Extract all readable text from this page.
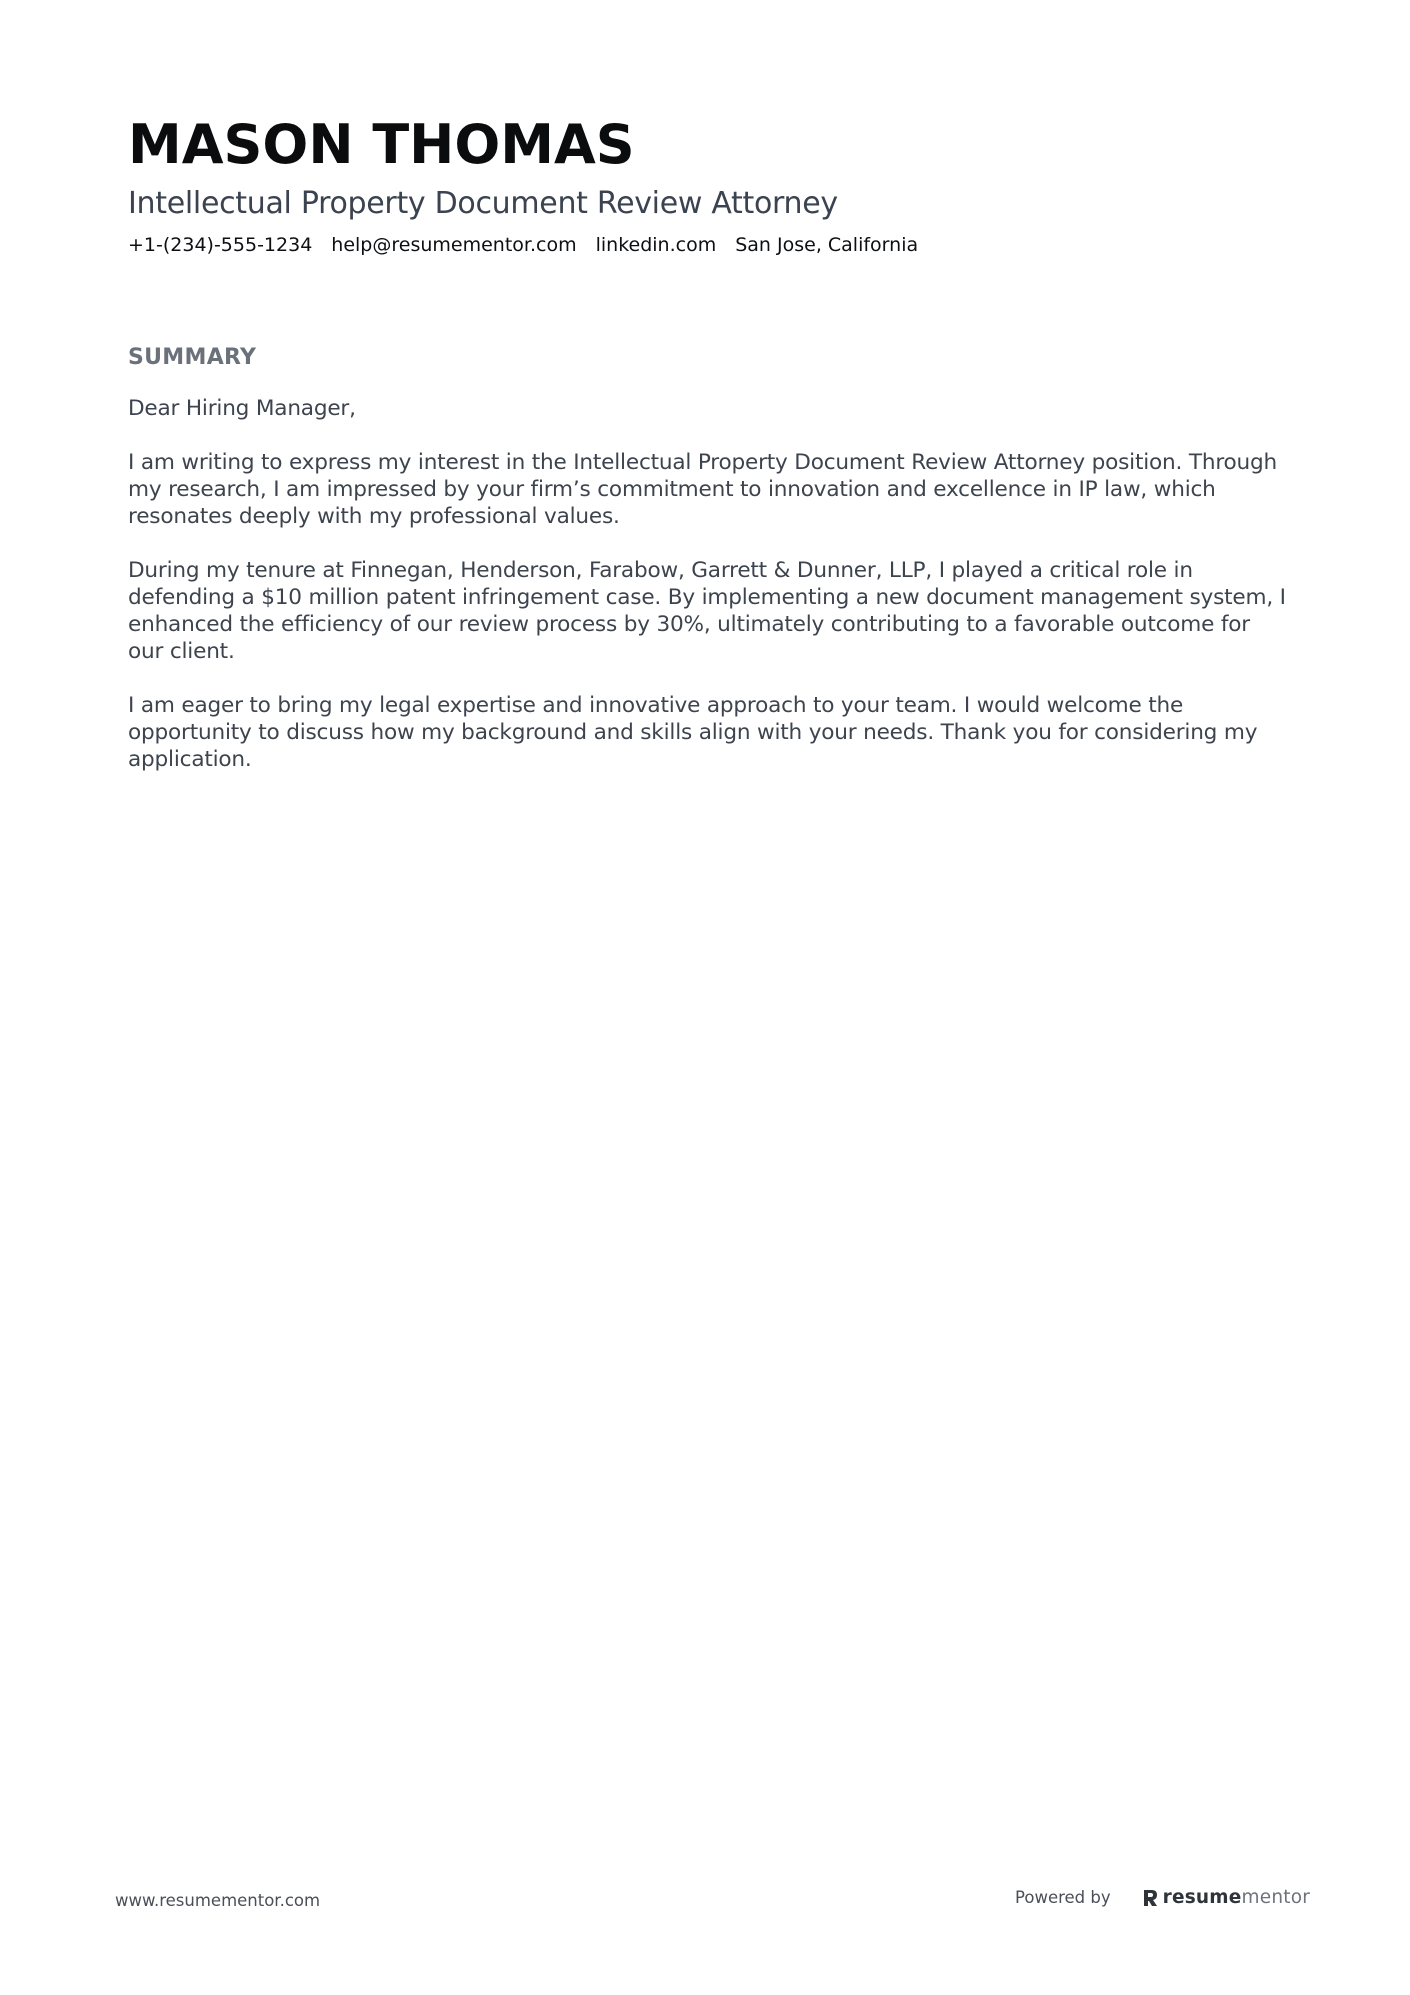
MASON THOMAS
Intellectual Property Document Review Attorney
+1-(234)-555-1234 help@resumementor.com linkedin.com San Jose, California
SUMMARY

Dear Hiring Manager,

I am writing to express my interest in the Intellectual Property Document Review Attorney position. Through my research, I am impressed by your firm’s commitment to innovation and excellence in IP law, which resonates deeply with my professional values.

During my tenure at Finnegan, Henderson, Farabow, Garrett & Dunner, LLP, I played a critical role in defending a $10 million patent infringement case. By implementing a new document management system, I enhanced the efficiency of our review process by 30%, ultimately contributing to a favorable outcome for our client.

I am eager to bring my legal expertise and innovative approach to your team. I would welcome the opportunity to discuss how my background and skills align with your needs. Thank you for considering my application.

www.resumementor.com	Powered by	resume mentor
